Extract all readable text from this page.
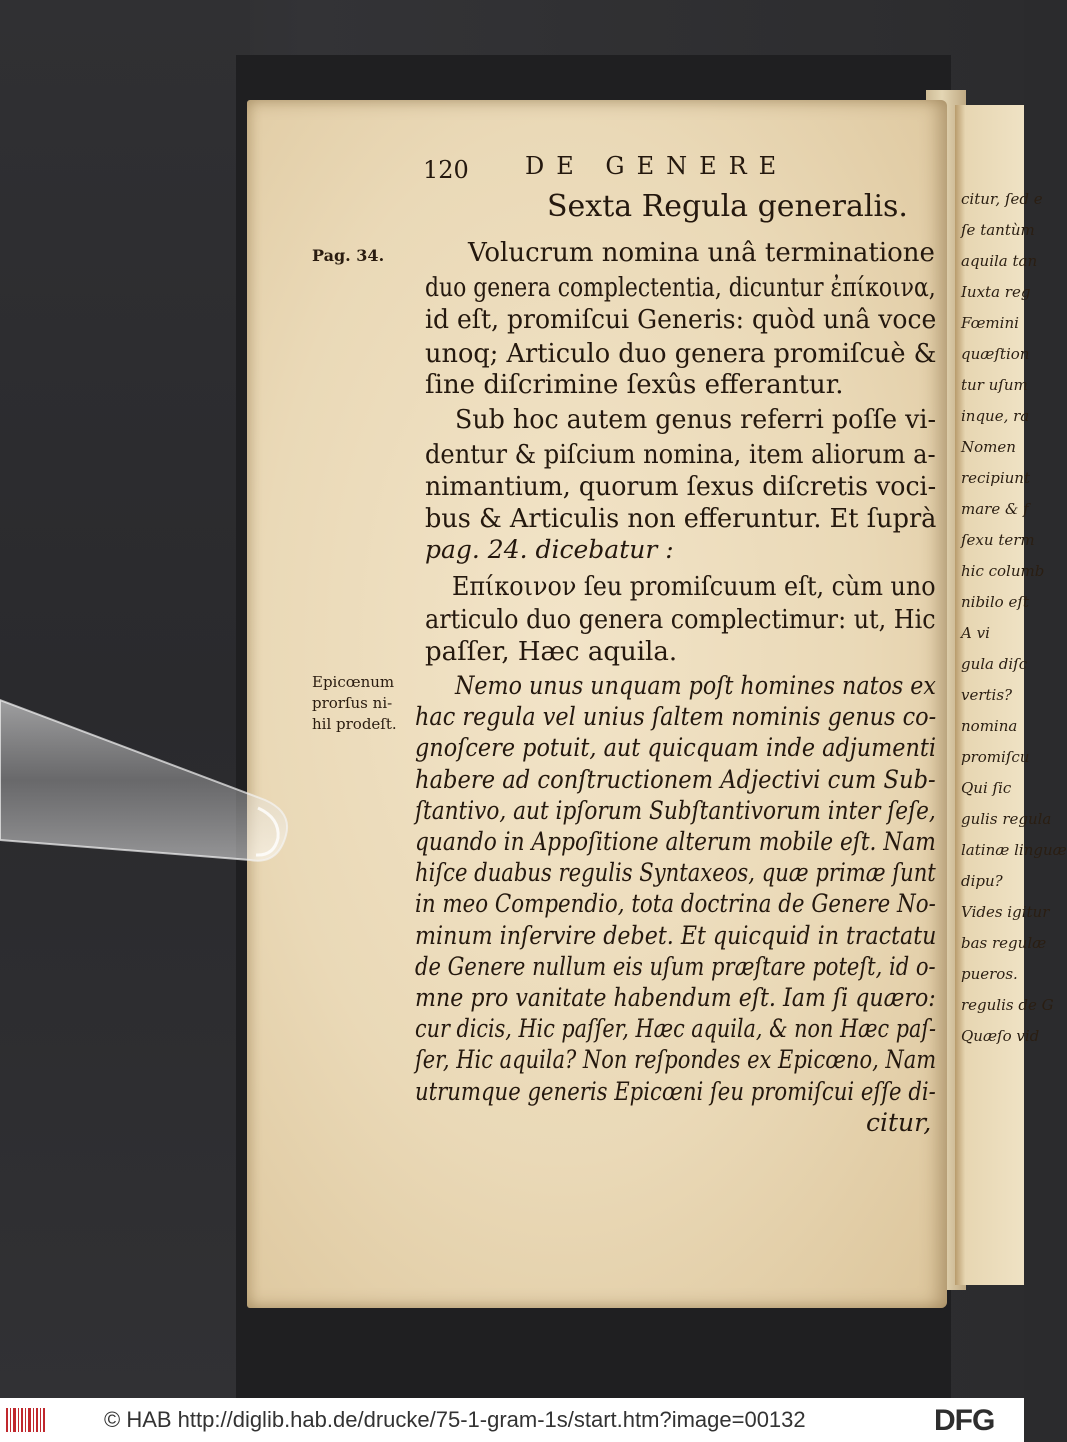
citur, ſed e
ſe tantùm
aquila tan
Iuxta reg
Fœmini
quæſtion
tur uſum
inque, ra
Nomen
recipiunt
mare & f
ſexu term
hic columb
nibilo eſt
A vi
gula diſc
vertis?
nomina
promiſcu
Qui ſic
gulis regula
latinæ linguæ
dipu?
Vides igitur
bas regulæ
pueros.
regulis de G
Quæſo vid
120 DE GENERE
Sexta Regula generalis.
Pag. 34.
Epicœnum
prorſus ni-
hil prodeſt.
Volucrum nomina unâ terminatione
duo genera complectentia, dicuntur ἐπίκοινα,
id eſt, promiſcui Generis: quòd unâ voce
unoq; Articulo duo genera promiſcuè &
ſine diſcrimine ſexûs efferantur.
Sub hoc autem genus referri poſſe vi-
dentur & piſcium nomina, item aliorum a-
nimantium, quorum ſexus diſcretis voci-
bus & Articulis non efferuntur. Et ſuprà
pag. 24. dicebatur :
Επίκοινον ſeu promiſcuum eſt, cùm uno
articulo duo genera complectimur: ut, Hic
paſſer, Hæc aquila.
Nemo unus unquam poſt homines natos ex
hac regula vel unius ſaltem nominis genus co-
gnoſcere potuit, aut quicquam inde adjumenti
habere ad conſtructionem Adjectivi cum Sub-
ſtantivo, aut ipſorum Subſtantivorum inter ſeſe,
quando in Appoſitione alterum mobile eſt. Nam
hiſce duabus regulis Syntaxeos, quæ primæ ſunt
in meo Compendio, tota doctrina de Genere No-
minum inſervire debet. Et quicquid in tractatu
de Genere nullum eis uſum præſtare poteſt, id o-
mne pro vanitate habendum eſt. Iam ſi quæro:
cur dicis, Hic paſſer, Hæc aquila, & non Hæc paſ-
ſer, Hic aquila? Non reſpondes ex Epicœno, Nam
utrumque generis Epicœni ſeu promiſcui eſſe di-
citur,
© HAB http://diglib.hab.de/drucke/75-1-gram-1s/start.htm?image=00132	DFG
